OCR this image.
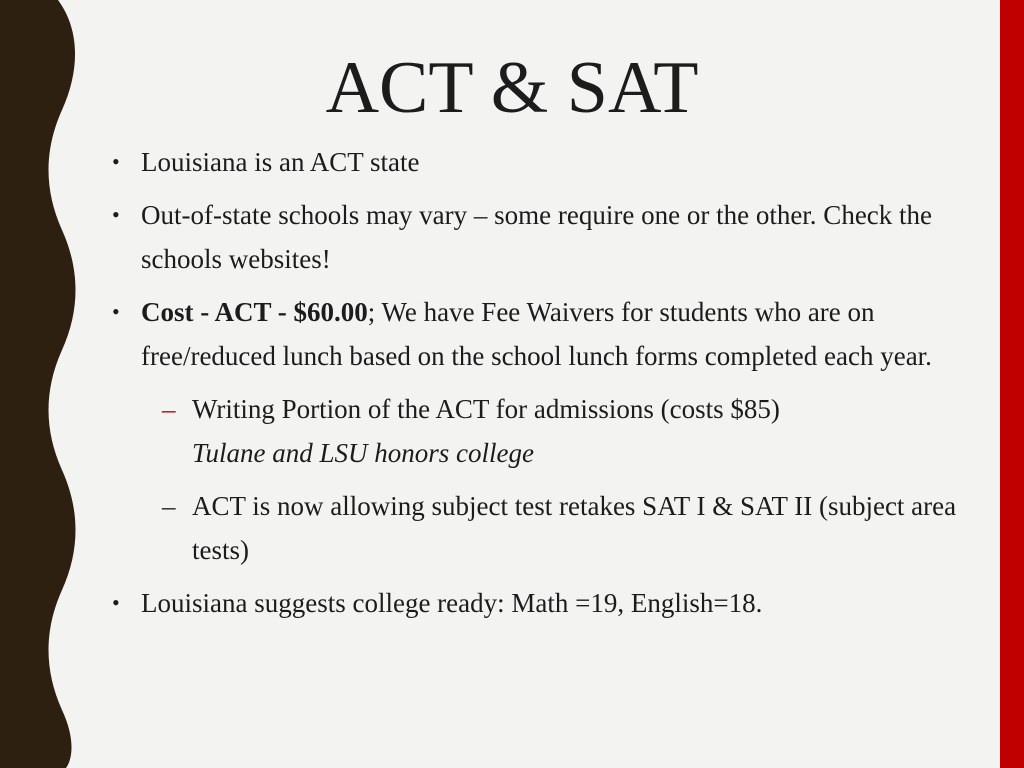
ACT & SAT
• Louisiana is an ACT state
• Out-of-state schools may vary – some require one or the other. Check the schools websites!
• Cost - ACT - $60.00; We have Fee Waivers for students who are on free/reduced lunch based on the school lunch forms completed each year.
– Writing Portion of the ACT for admissions (costs $85)
Tulane and LSU honors college
– ACT is now allowing subject test retakes SAT I & SAT II (subject area tests)
• Louisiana suggests college ready: Math =19, English=18.
